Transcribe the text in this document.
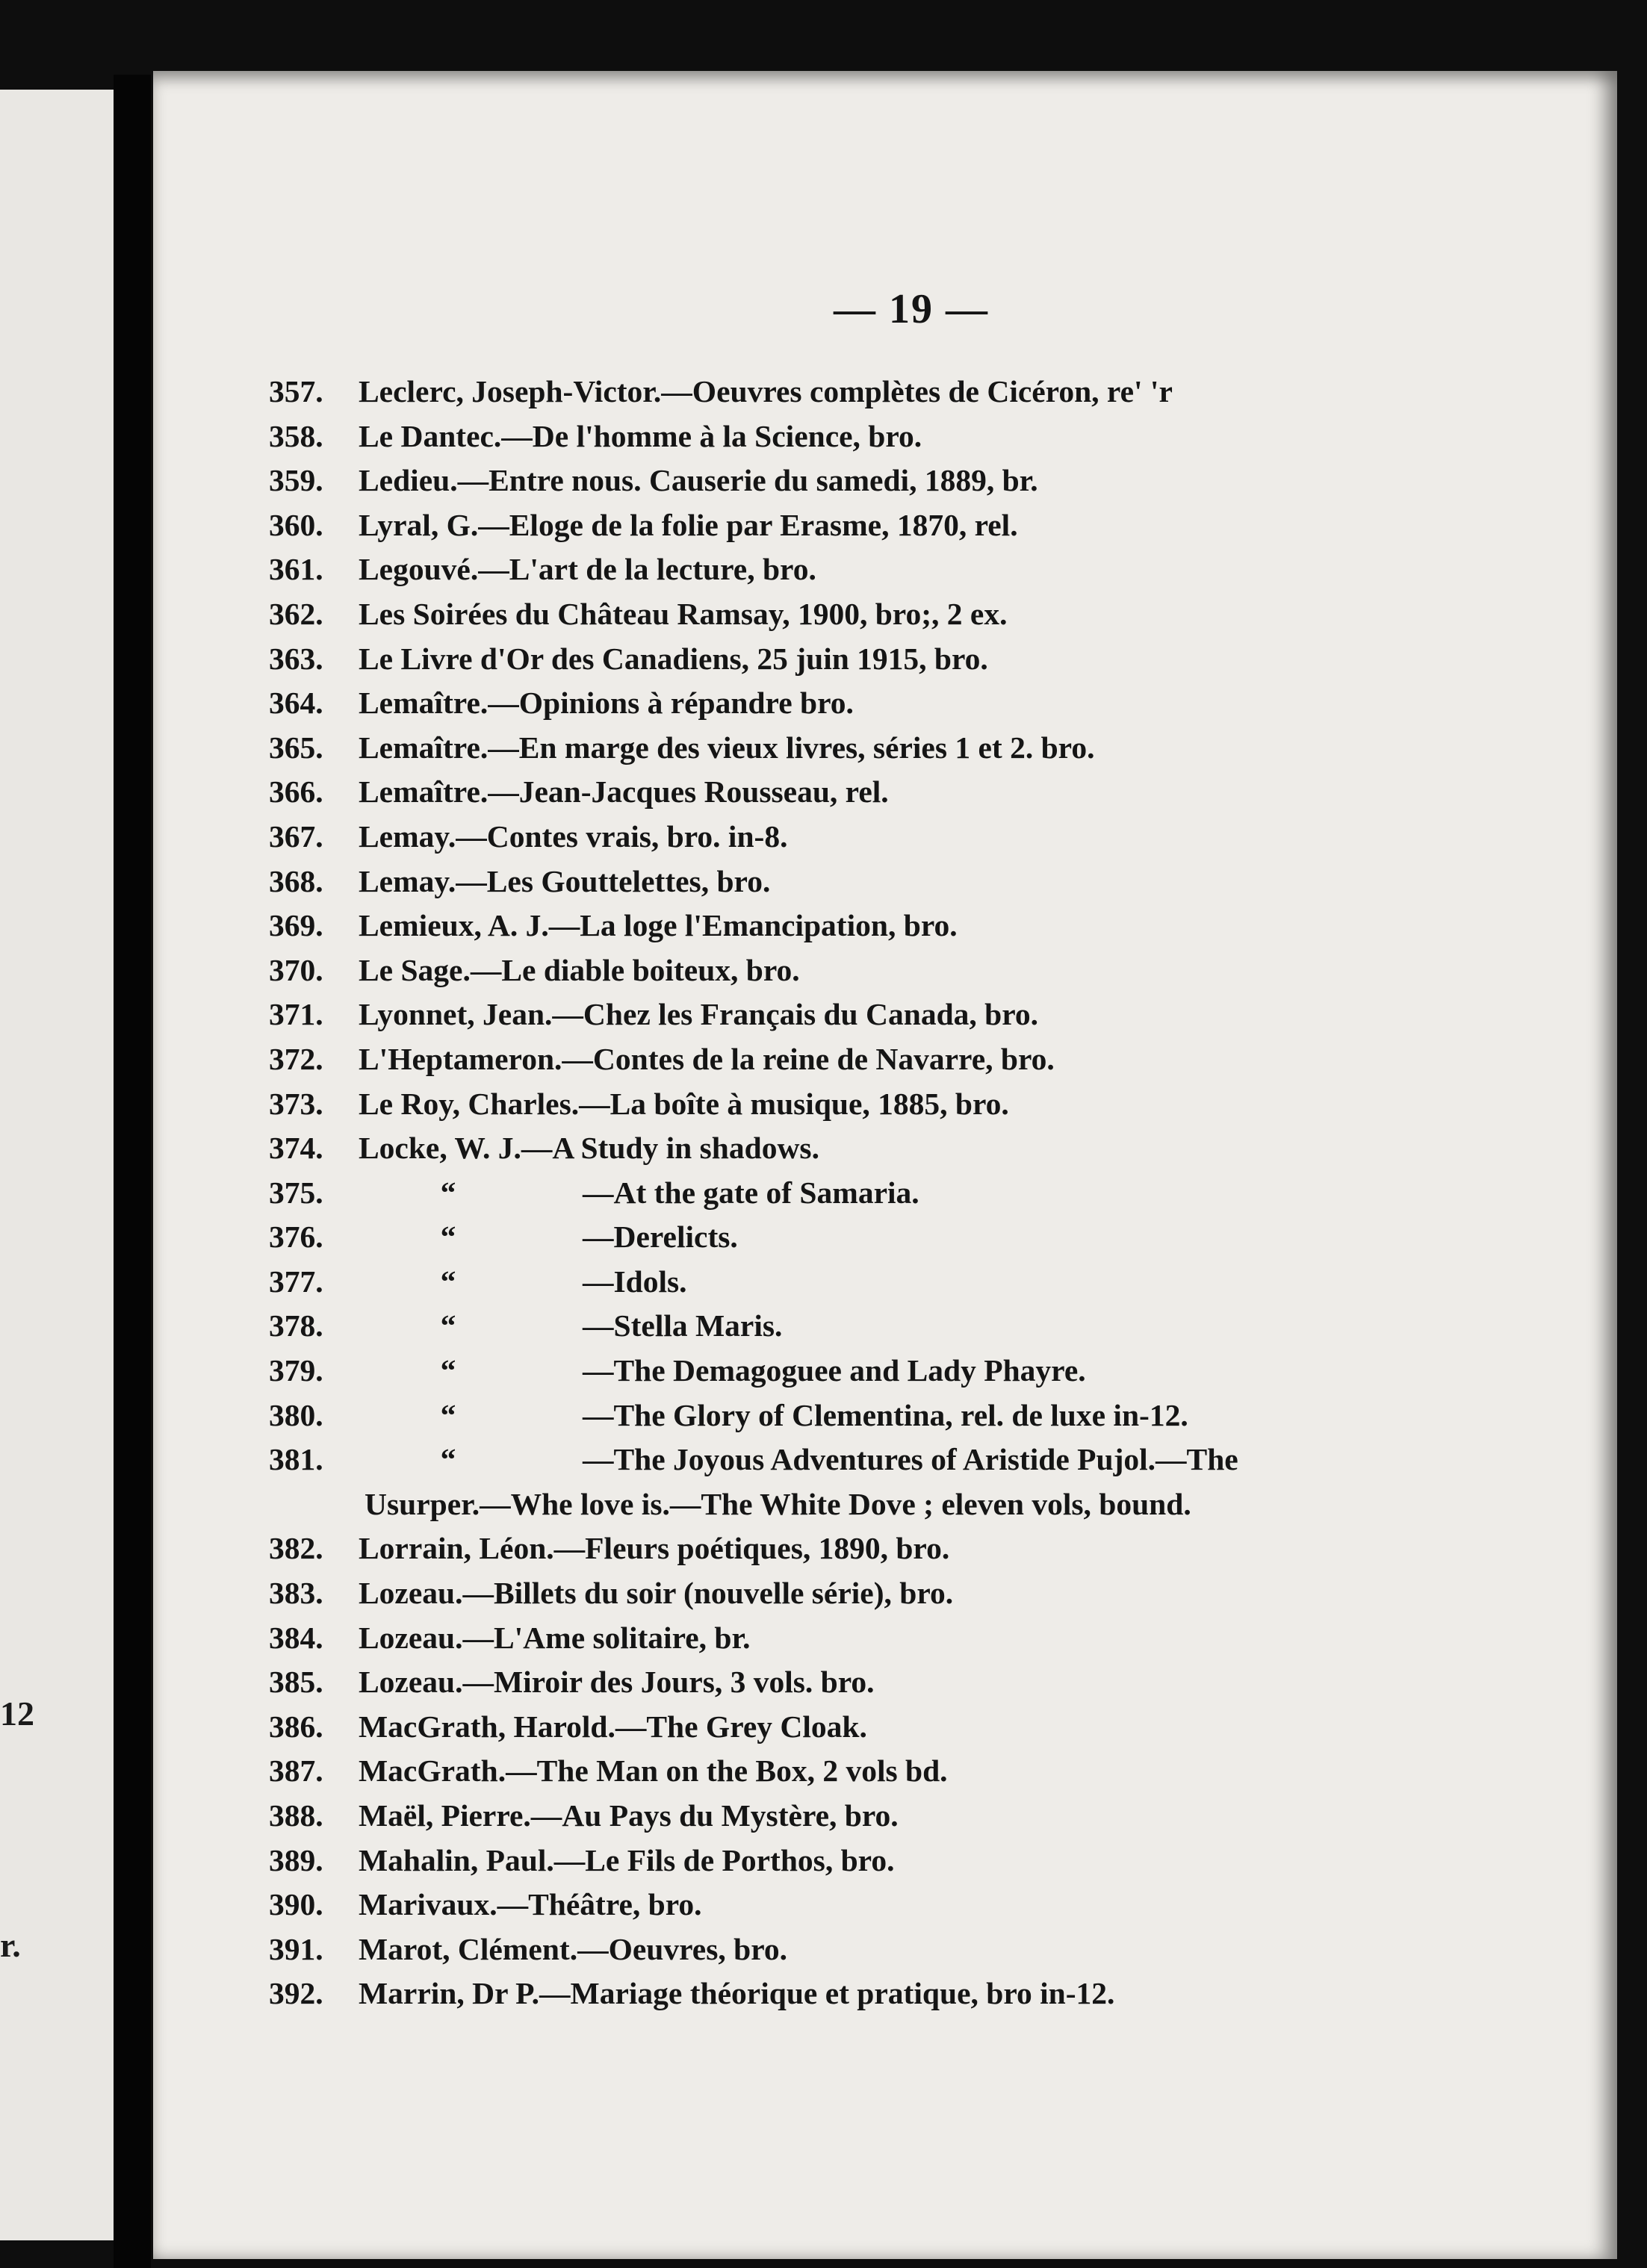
12
r.
— 19 —
357.	Leclerc, Joseph-Victor.—Oeuvres complètes de Cicéron, re' 'r
358.	Le Dantec.—De l'homme à la Science, bro.
359.	Ledieu.—Entre nous. Causerie du samedi, 1889, br.
360.	Lyral, G.—Eloge de la folie par Erasme, 1870, rel.
361.	Legouvé.—L'art de la lecture, bro.
362.	Les Soirées du Château Ramsay, 1900, bro;, 2 ex.
363.	Le Livre d'Or des Canadiens, 25 juin 1915, bro.
364.	Lemaître.—Opinions à répandre bro.
365.	Lemaître.—En marge des vieux livres, séries 1 et 2. bro.
366.	Lemaître.—Jean-Jacques Rousseau, rel.
367.	Lemay.—Contes vrais, bro. in-8.
368.	Lemay.—Les Gouttelettes, bro.
369.	Lemieux, A. J.—La loge l'Emancipation, bro.
370.	Le Sage.—Le diable boiteux, bro.
371.	Lyonnet, Jean.—Chez les Français du Canada, bro.
372.	L'Heptameron.—Contes de la reine de Navarre, bro.
373.	Le Roy, Charles.—La boîte à musique, 1885, bro.
374.	Locke, W. J.—A Study in shadows.
375.	“	—At the gate of Samaria.
376.	“	—Derelicts.
377.	“	—Idols.
378.	“	—Stella Maris.
379.	“	—The Demagoguee and Lady Phayre.
380.	“	—The Glory of Clementina, rel. de luxe in-12.
381.	“	—The Joyous Adventures of Aristide Pujol.—The
Usurper.—Whe love is.—The White Dove ; eleven vols, bound.
382.	Lorrain, Léon.—Fleurs poétiques, 1890, bro.
383.	Lozeau.—Billets du soir (nouvelle série), bro.
384.	Lozeau.—L'Ame solitaire, br.
385.	Lozeau.—Miroir des Jours, 3 vols. bro.
386.	MacGrath, Harold.—The Grey Cloak.
387.	MacGrath.—The Man on the Box, 2 vols bd.
388.	Maël, Pierre.—Au Pays du Mystère, bro.
389.	Mahalin, Paul.—Le Fils de Porthos, bro.
390.	Marivaux.—Théâtre, bro.
391.	Marot, Clément.—Oeuvres, bro.
392.	Marrin, Dr P.—Mariage théorique et pratique, bro in-12.
